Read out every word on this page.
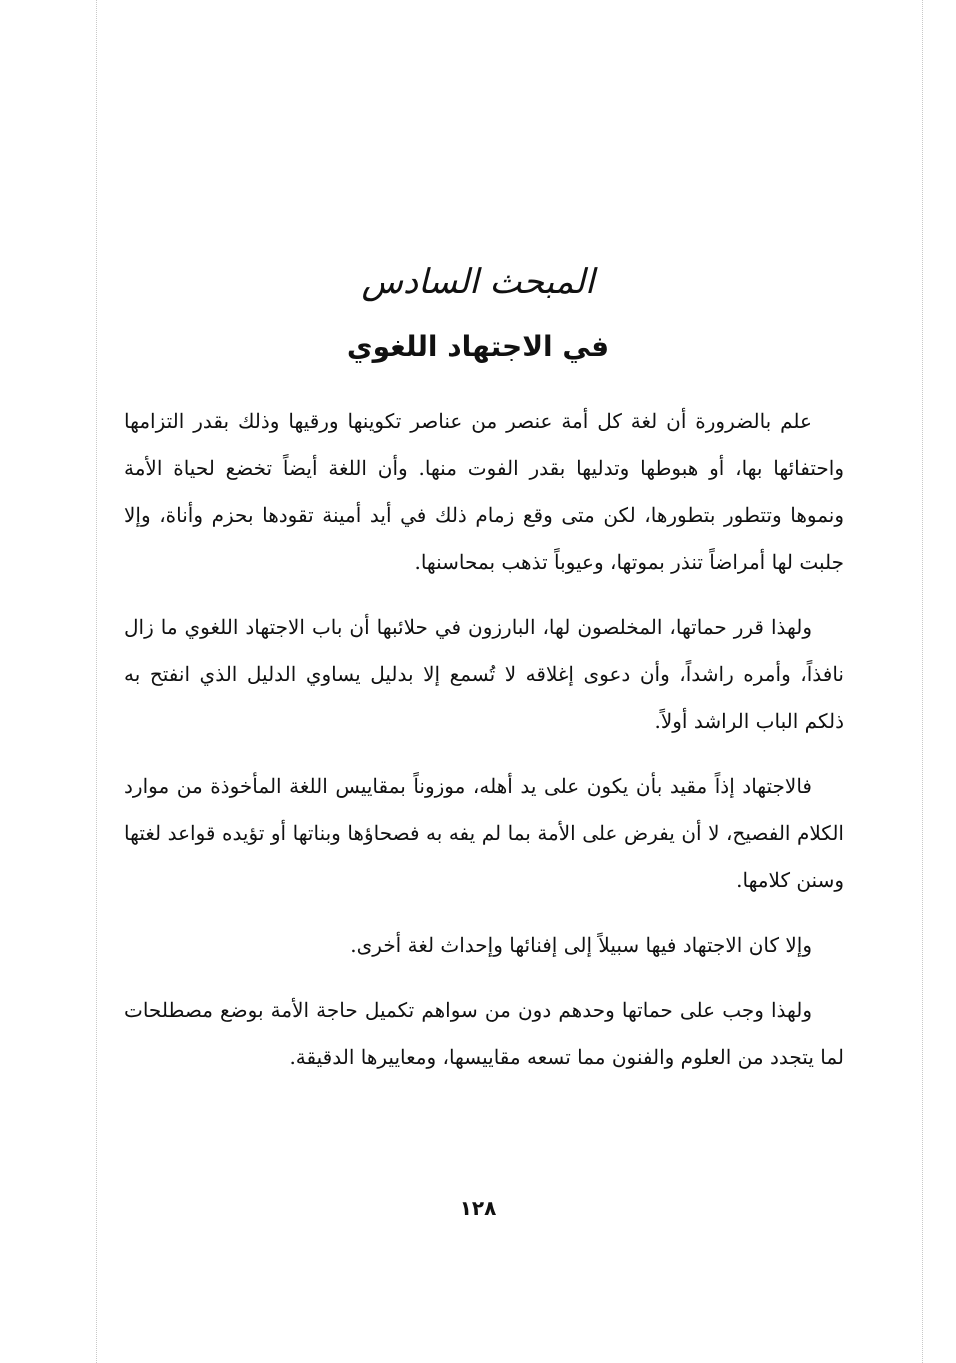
المبحث السادس
في الاجتهاد اللغوي

علم بالضرورة أن لغة كل أمة عنصر من عناصر تكوينها ورقيها وذلك بقدر التزامها واحتفائها بها، أو هبوطها وتدليها بقدر الفوت منها. وأن اللغة أيضاً تخضع لحياة الأمة ونموها وتتطور بتطورها، لكن متى وقع زمام ذلك في أيد أمينة تقودها بحزم وأناة، وإلا جلبت لها أمراضاً تنذر بموتها، وعيوباً تذهب بمحاسنها.

ولهذا قرر حماتها، المخلصون لها، البارزون في حلائبها أن باب الاجتهاد اللغوي ما زال نافذاً، وأمره راشداً، وأن دعوى إغلاقه لا تُسمع إلا بدليل يساوي الدليل الذي انفتح به ذلكم الباب الراشد أولاً.

فالاجتهاد إذاً مقيد بأن يكون على يد أهله، موزوناً بمقاييس اللغة المأخوذة من موارد الكلام الفصيح، لا أن يفرض على الأمة بما لم يفه به فصحاؤها وبناتها أو تؤيده قواعد لغتها وسنن كلامها.

وإلا كان الاجتهاد فيها سبيلاً إلى إفنائها وإحداث لغة أخرى.

ولهذا وجب على حماتها وحدهم دون من سواهم تكميل حاجة الأمة بوضع مصطلحات لما يتجدد من العلوم والفنون مما تسعه مقاييسها، ومعاييرها الدقيقة.

١٢٨
